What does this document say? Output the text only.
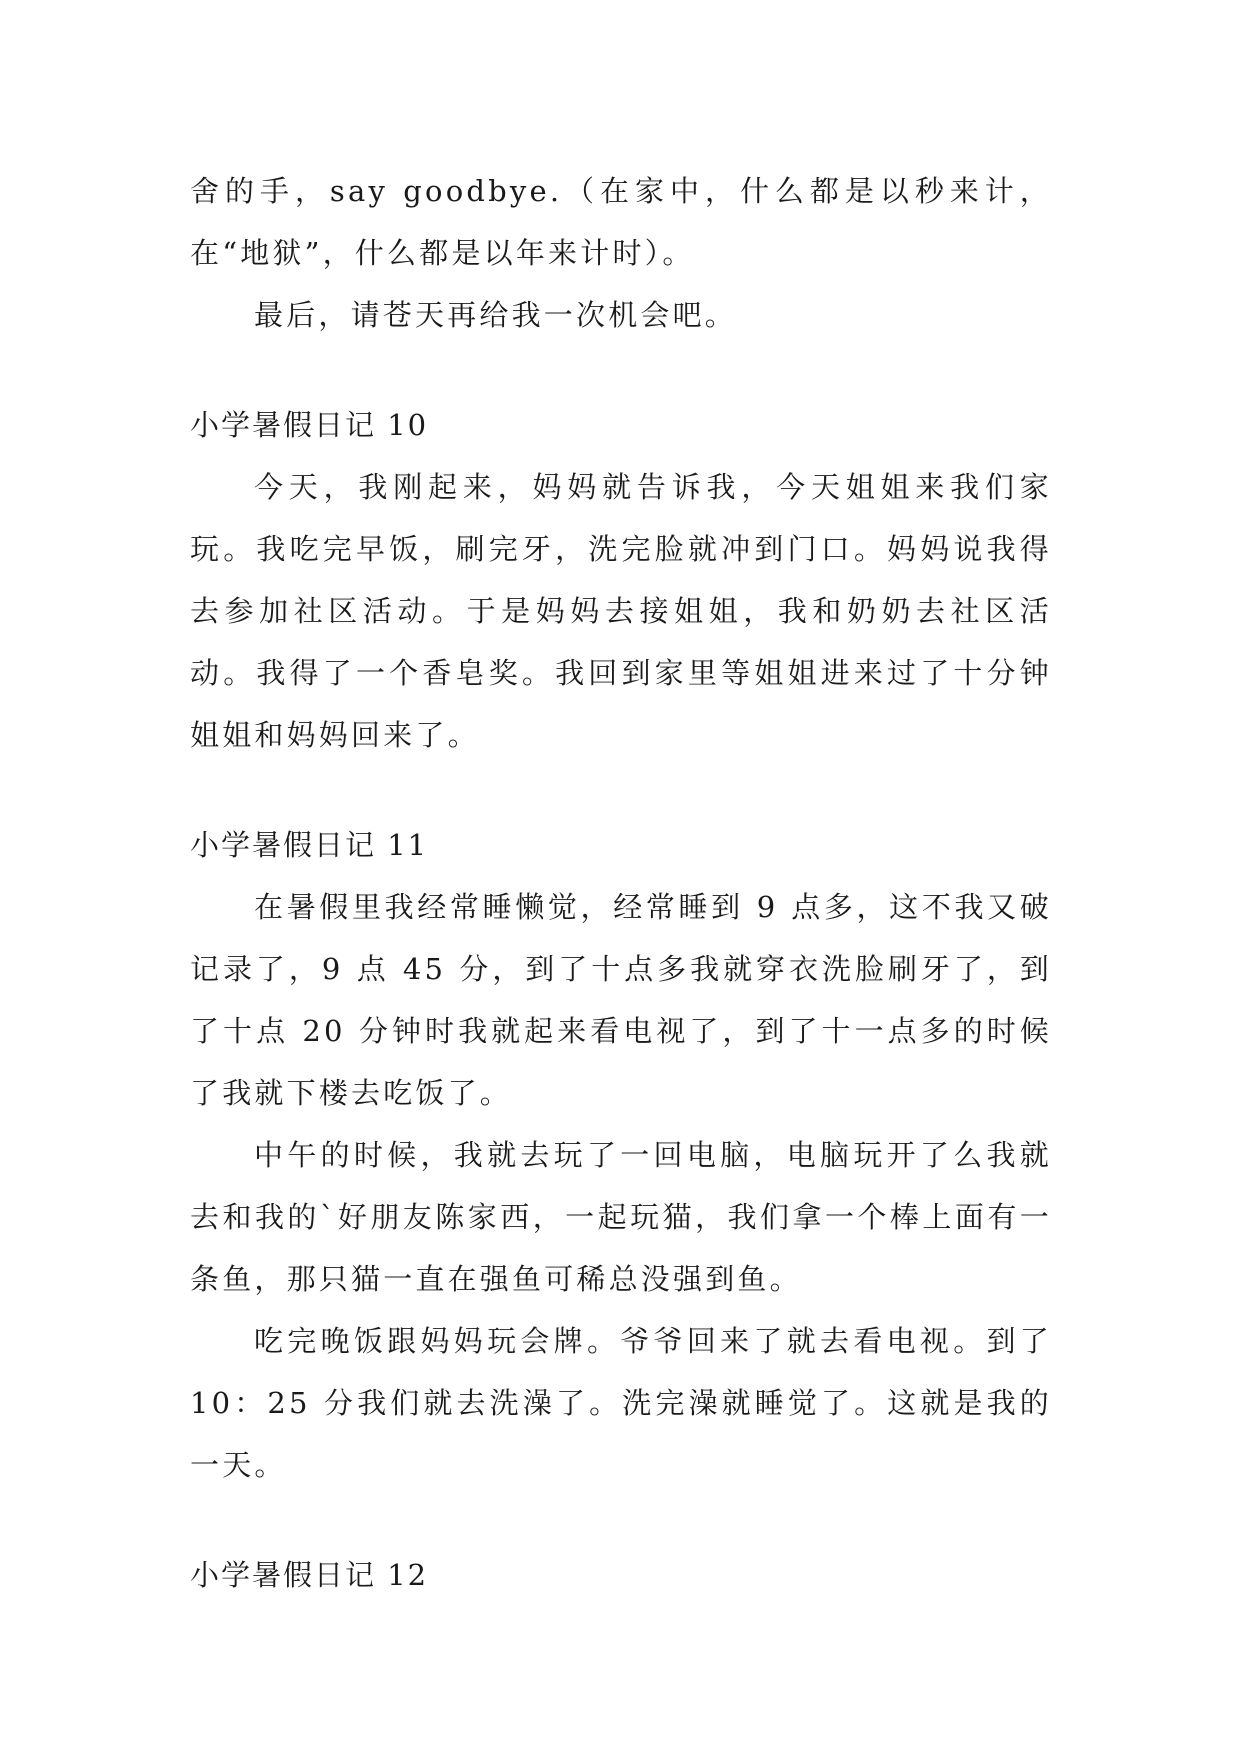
舍的手，say goodbye.（在家中，什么都是以秒来计，在“地狱”，什么都是以年来计时）。

最后，请苍天再给我一次机会吧。

小学暑假日记 10

今天，我刚起来，妈妈就告诉我，今天姐姐来我们家玩。我吃完早饭，刷完牙，洗完脸就冲到门口。妈妈说我得去参加社区活动。于是妈妈去接姐姐，我和奶奶去社区活动。我得了一个香皂奖。我回到家里等姐姐进来过了十分钟姐姐和妈妈回来了。

小学暑假日记 11

在暑假里我经常睡懒觉，经常睡到 9 点多，这不我又破记录了，9 点 45 分，到了十点多我就穿衣洗脸刷牙了，到了十点 20 分钟时我就起来看电视了，到了十一点多的时候了我就下楼去吃饭了。

中午的时候，我就去玩了一回电脑，电脑玩开了么我就去和我的`好朋友陈家西，一起玩猫，我们拿一个棒上面有一条鱼，那只猫一直在强鱼可稀总没强到鱼。

吃完晚饭跟妈妈玩会牌。爷爷回来了就去看电视。到了10：25 分我们就去洗澡了。洗完澡就睡觉了。这就是我的一天。

小学暑假日记 12
